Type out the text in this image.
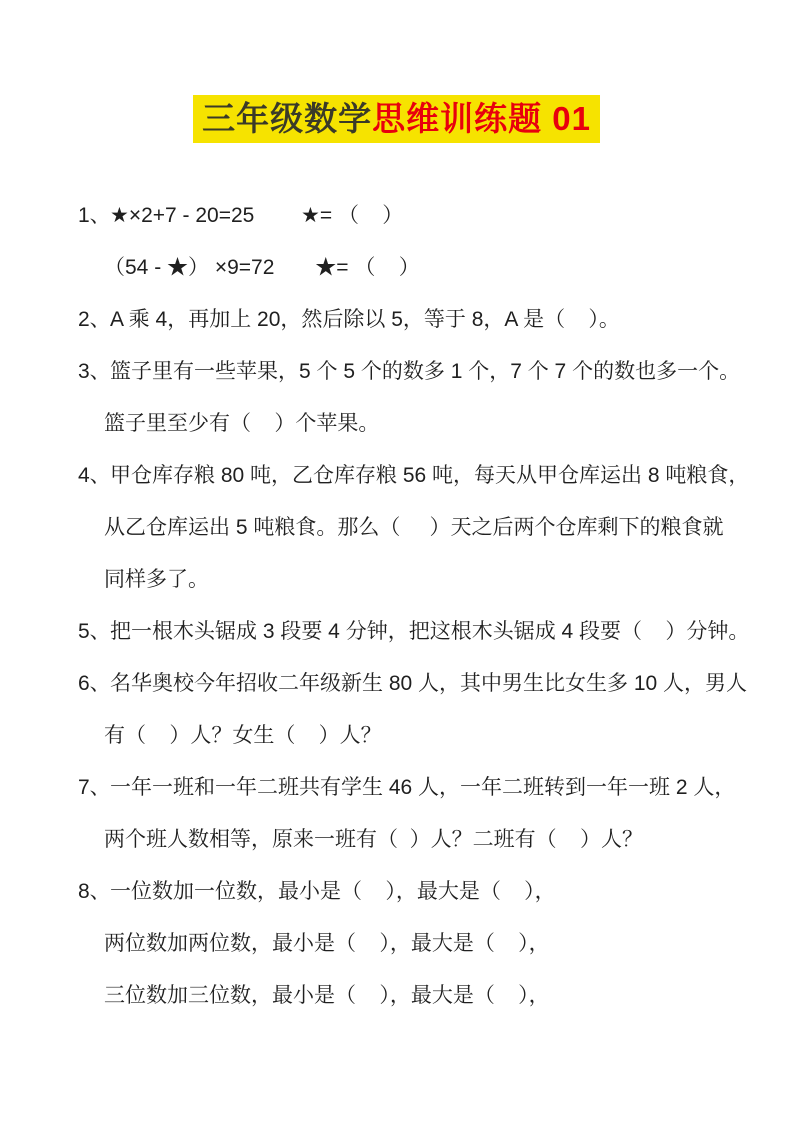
三年级数学思维训练题 01
1、★×2+7 - 20=25        ★= （    ）
（54 - ★） ×9=72       ★= （    ）
2、A 乘 4，再加上 20，然后除以 5，等于 8，A 是（    ）。
3、篮子里有一些苹果，5 个 5 个的数多 1 个，7 个 7 个的数也多一个。
篮子里至少有（    ）个苹果。
4、甲仓库存粮 80 吨，乙仓库存粮 56 吨，每天从甲仓库运出 8 吨粮食，
从乙仓库运出 5 吨粮食。那么（     ）天之后两个仓库剩下的粮食就
同样多了。
5、把一根木头锯成 3 段要 4 分钟，把这根木头锯成 4 段要（    ）分钟。
6、名华奥校今年招收二年级新生 80 人，其中男生比女生多 10 人，男人
有（    ）人？女生（    ）人？
7、一年一班和一年二班共有学生 46 人，一年二班转到一年一班 2 人，
两个班人数相等，原来一班有（  ）人？二班有（    ）人？
8、一位数加一位数，最小是（    ），最大是（    ），
两位数加两位数，最小是（    ），最大是（    ），
三位数加三位数，最小是（    ），最大是（    ），
